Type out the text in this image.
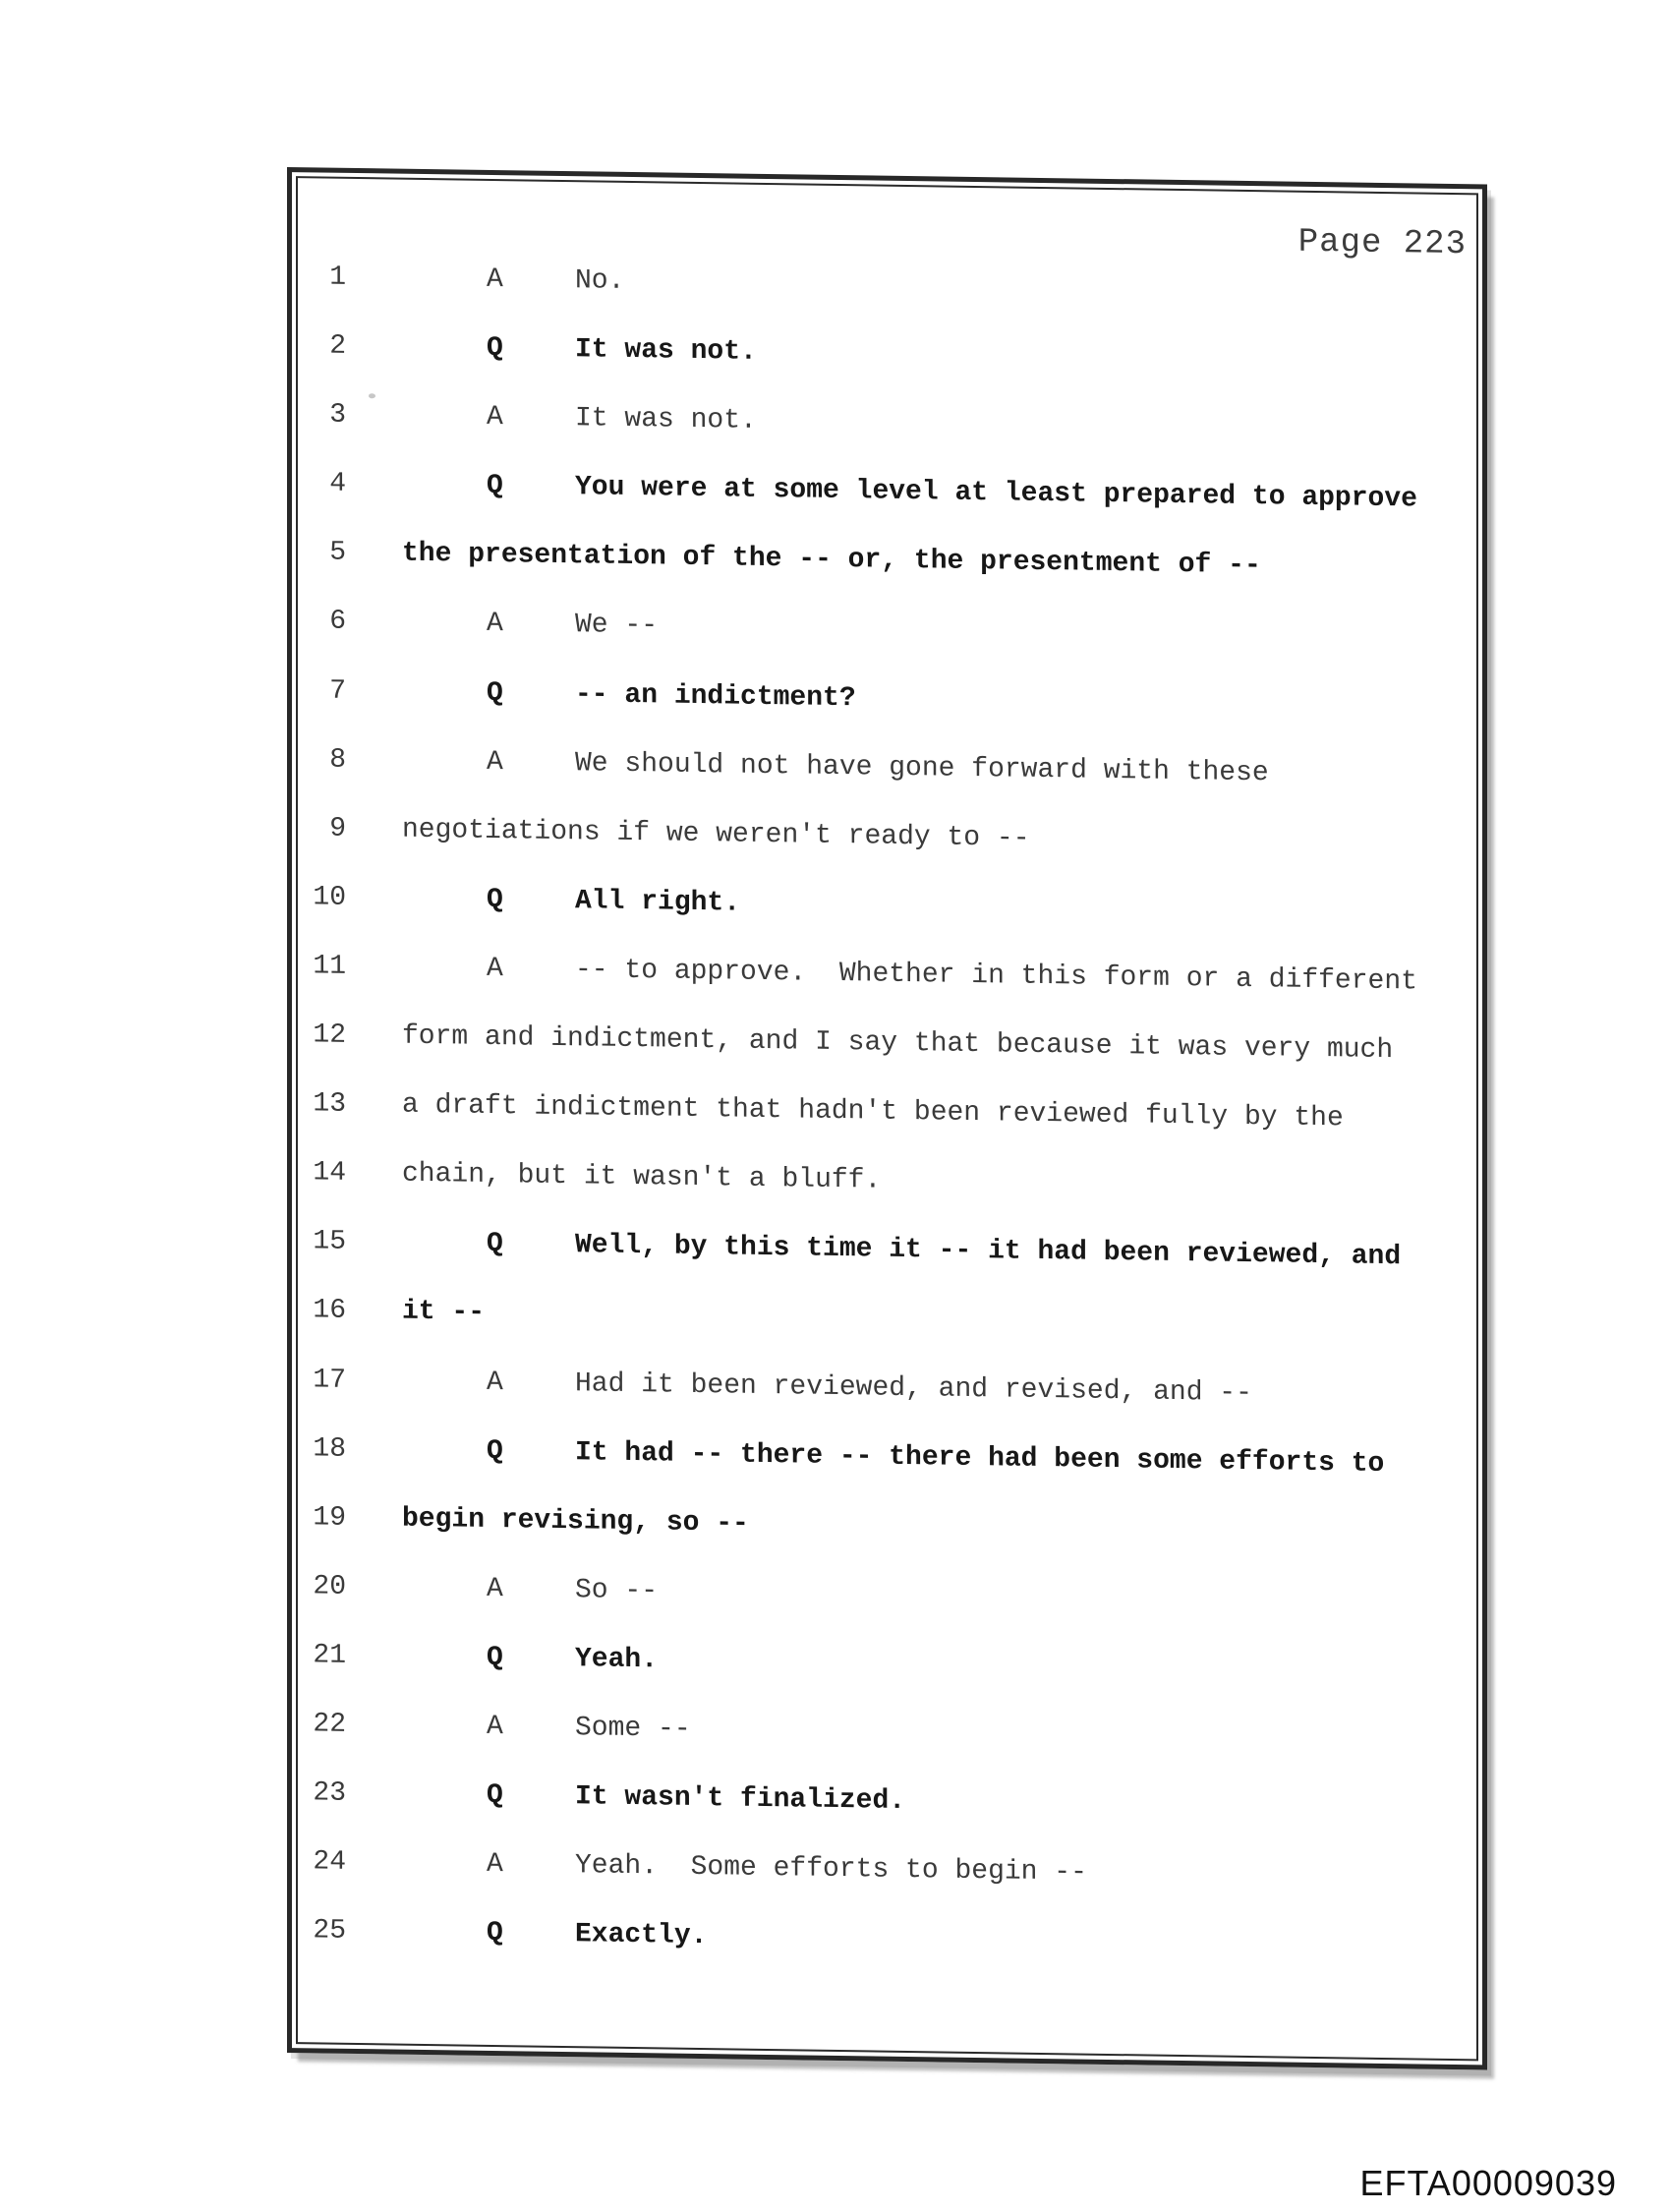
Page 223
1	A	No.
2	Q	It was not.
3	A	It was not.
4	Q	You were at some level at least prepared to approve
5 the presentation of the -- or, the presentment of --
6	A	We --
7	Q	-- an indictment?
8	A	We should not have gone forward with these
9 negotiations if we weren't ready to --
10	Q	All right.
11	A	-- to approve.  Whether in this form or a different
12 form and indictment, and I say that because it was very much
13 a draft indictment that hadn't been reviewed fully by the
14 chain, but it wasn't a bluff.
15	Q	Well, by this time it -- it had been reviewed, and
16 it --
17	A	Had it been reviewed, and revised, and --
18	Q	It had -- there -- there had been some efforts to
19 begin revising, so --
20	A	So --
21	Q	Yeah.
22	A	Some --
23	Q	It wasn't finalized.
24	A	Yeah.  Some efforts to begin --
25	Q	Exactly.
EFTA00009039
